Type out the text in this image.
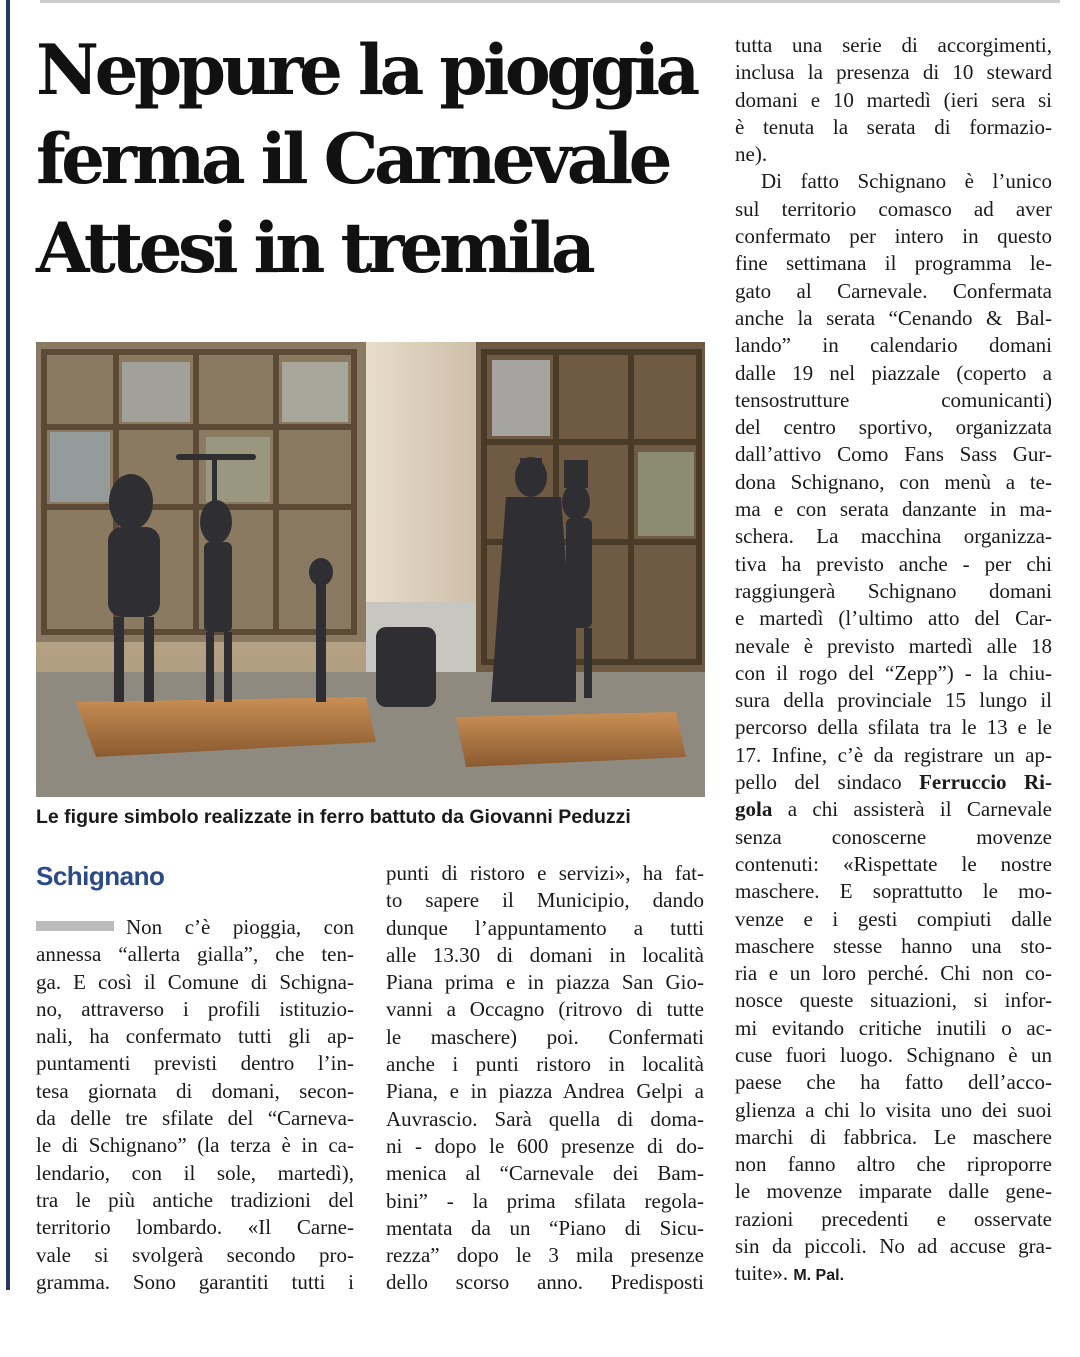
Neppure la pioggia
ferma il Carnevale
Attesi in tremila
Le figure simbolo realizzate in ferro battuto da Giovanni Peduzzi
Schignano
Non c’è pioggia, con
annessa “allerta gialla”, che ten-
ga. E così il Comune di Schigna-
no, attraverso i profili istituzio-
nali, ha confermato tutti gli ap-
puntamenti previsti dentro l’in-
tesa giornata di domani, secon-
da delle tre sfilate del “Carneva-
le di Schignano” (la terza è in ca-
lendario, con il sole, martedì),
tra le più antiche tradizioni del
territorio lombardo. «Il Carne-
vale si svolgerà secondo pro-
gramma. Sono garantiti tutti i
punti di ristoro e servizi», ha fat-
to sapere il Municipio, dando
dunque l’appuntamento a tutti
alle 13.30 di domani in località
Piana prima e in piazza San Gio-
vanni a Occagno (ritrovo di tutte
le maschere) poi. Confermati
anche i punti ristoro in località
Piana, e in piazza Andrea Gelpi a
Auvrascio. Sarà quella di doma-
ni - dopo le 600 presenze di do-
menica al “Carnevale dei Bam-
bini” - la prima sfilata regola-
mentata da un “Piano di Sicu-
rezza” dopo le 3 mila presenze
dello scorso anno. Predisposti
tutta una serie di accorgimenti,
inclusa la presenza di 10 steward
domani e 10 martedì (ieri sera si
è tenuta la serata di formazio-
ne).
Di fatto Schignano è l’unico
sul territorio comasco ad aver
confermato per intero in questo
fine settimana il programma le-
gato al Carnevale. Confermata
anche la serata “Cenando & Bal-
lando” in calendario domani
dalle 19 nel piazzale (coperto a
tensostrutture comunicanti)
del centro sportivo, organizzata
dall’attivo Como Fans Sass Gur-
dona Schignano, con menù a te-
ma e con serata danzante in ma-
schera. La macchina organizza-
tiva ha previsto anche - per chi
raggiungerà Schignano domani
e martedì (l’ultimo atto del Car-
nevale è previsto martedì alle 18
con il rogo del “Zepp”) - la chiu-
sura della provinciale 15 lungo il
percorso della sfilata tra le 13 e le
17. Infine, c’è da registrare un ap-
pello del sindaco Ferruccio Ri-
gola a chi assisterà il Carnevale
senza conoscerne movenze
contenuti: «Rispettate le nostre
maschere. E soprattutto le mo-
venze e i gesti compiuti dalle
maschere stesse hanno una sto-
ria e un loro perché. Chi non co-
nosce queste situazioni, si infor-
mi evitando critiche inutili o ac-
cuse fuori luogo. Schignano è un
paese che ha fatto dell’acco-
glienza a chi lo visita uno dei suoi
marchi di fabbrica. Le maschere
non fanno altro che riproporre
le movenze imparate dalle gene-
razioni precedenti e osservate
sin da piccoli. No ad accuse gra-
tuite». M. Pal.
